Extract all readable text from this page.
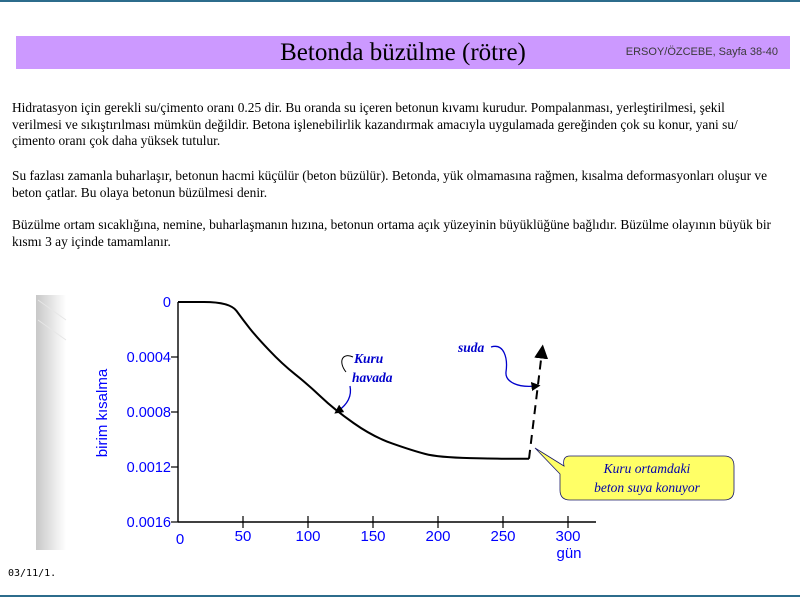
Betonda büzülme (rötre)	ERSOY/ÖZCEBE, Sayfa 38-40

Hidratasyon için gerekli su/çimento oranı 0.25 dir. Bu oranda su içeren betonun kıvamı kurudur. Pompalanması, yerleştirilmesi, şekil verilmesi ve sıkıştırılması mümkün değildir. Betona işlenebilirlik kazandırmak amacıyla uygulamada gereğinden çok su konur, yani su/çimento oranı çok daha yüksek tutulur.

Su fazlası zamanla buharlaşır, betonun hacmi küçülür (beton büzülür). Betonda, yük olmamasına rağmen, kısalma deformasyonları oluşur ve beton çatlar. Bu olaya betonun büzülmesi denir.

Büzülme ortam sıcaklığına, nemine, buharlaşmanın hızına, betonun ortama açık yüzeyinin büyüklüğüne bağlıdır. Büzülme olayının büyük bir kısmı 3 ay içinde tamamlanır.

0
0.0004
0.0008
0.0012
0.0016
0	50	100	150	200	250	300
birim kısalma
gün
Kuru
havada
suda
Kuru ortamdaki
beton suya konuyor
03/11/1.
